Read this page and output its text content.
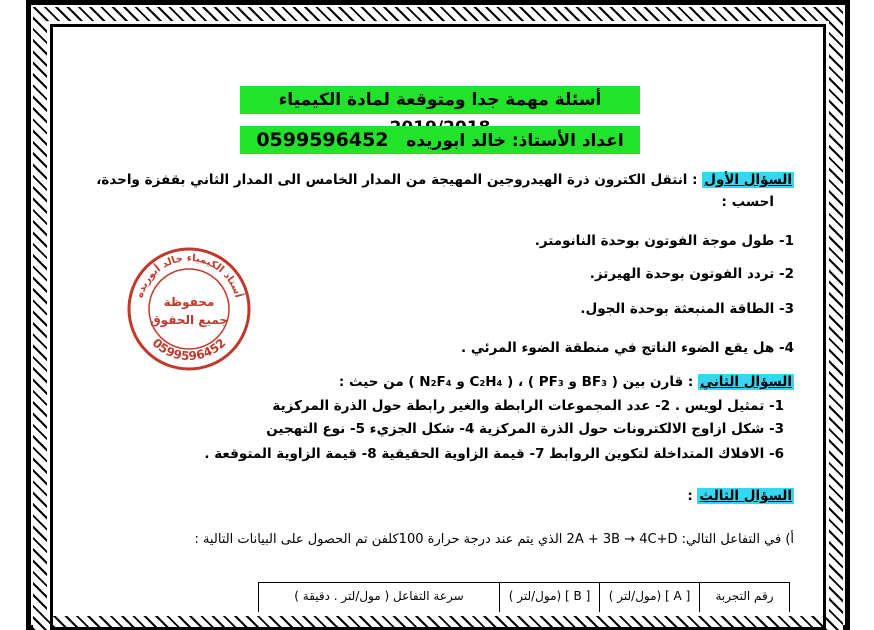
أسئلة مهمة جدا ومتوقعة لمادة الكيمياء
اعداد الأستاذ: خالد ابوريده   0599596452
السؤال الأول : انتقل الكترون ذرة الهيدروجين المهيجة من المدار الخامس الى المدار الثاني بقفزة واحدة،
احسب :
1- طول موجة الفوتون بوحدة النانومتر.
2- تردد الفوتون بوحدة الهيرتز.
3- الطاقة المنبعثة بوحدة الجول.
4- هل يقع الضوء الناتج في منطقة الضوء المرئي .
السؤال الثاني : قارن بين ( BF₃ و PF₃ ) ، ( C₂H₄ و N₂F₄ ) من حيث :
1- تمثيل لويس . 2- عدد المجموعات الرابطة والغير رابطة حول الذرة المركزية
3- شكل ازاوج الالكترونات حول الذرة المركزية 4- شكل الجزيء 5- نوع التهجين
6- الافلاك المتداخلة لتكوين الروابط 7- قيمة الزاوية الحقيقية 8- قيمة الزاوية المتوقعة .
السؤال الثالث :
أ) في التفاعل التالي: 2A + 3B → 4C+D الذي يتم عند درجة حرارة 100كلفن تم الحصول على البيانات التالية :
رقم التجربة
[ A ] (مول/لتر )
[ B ] (مول/لتر )
سرعة التفاعل ( مول/لتر . دقيقة )
أستاذ الكيمياء خالد أبوريده
0599596452
محفوظة
جميع الحقوق
